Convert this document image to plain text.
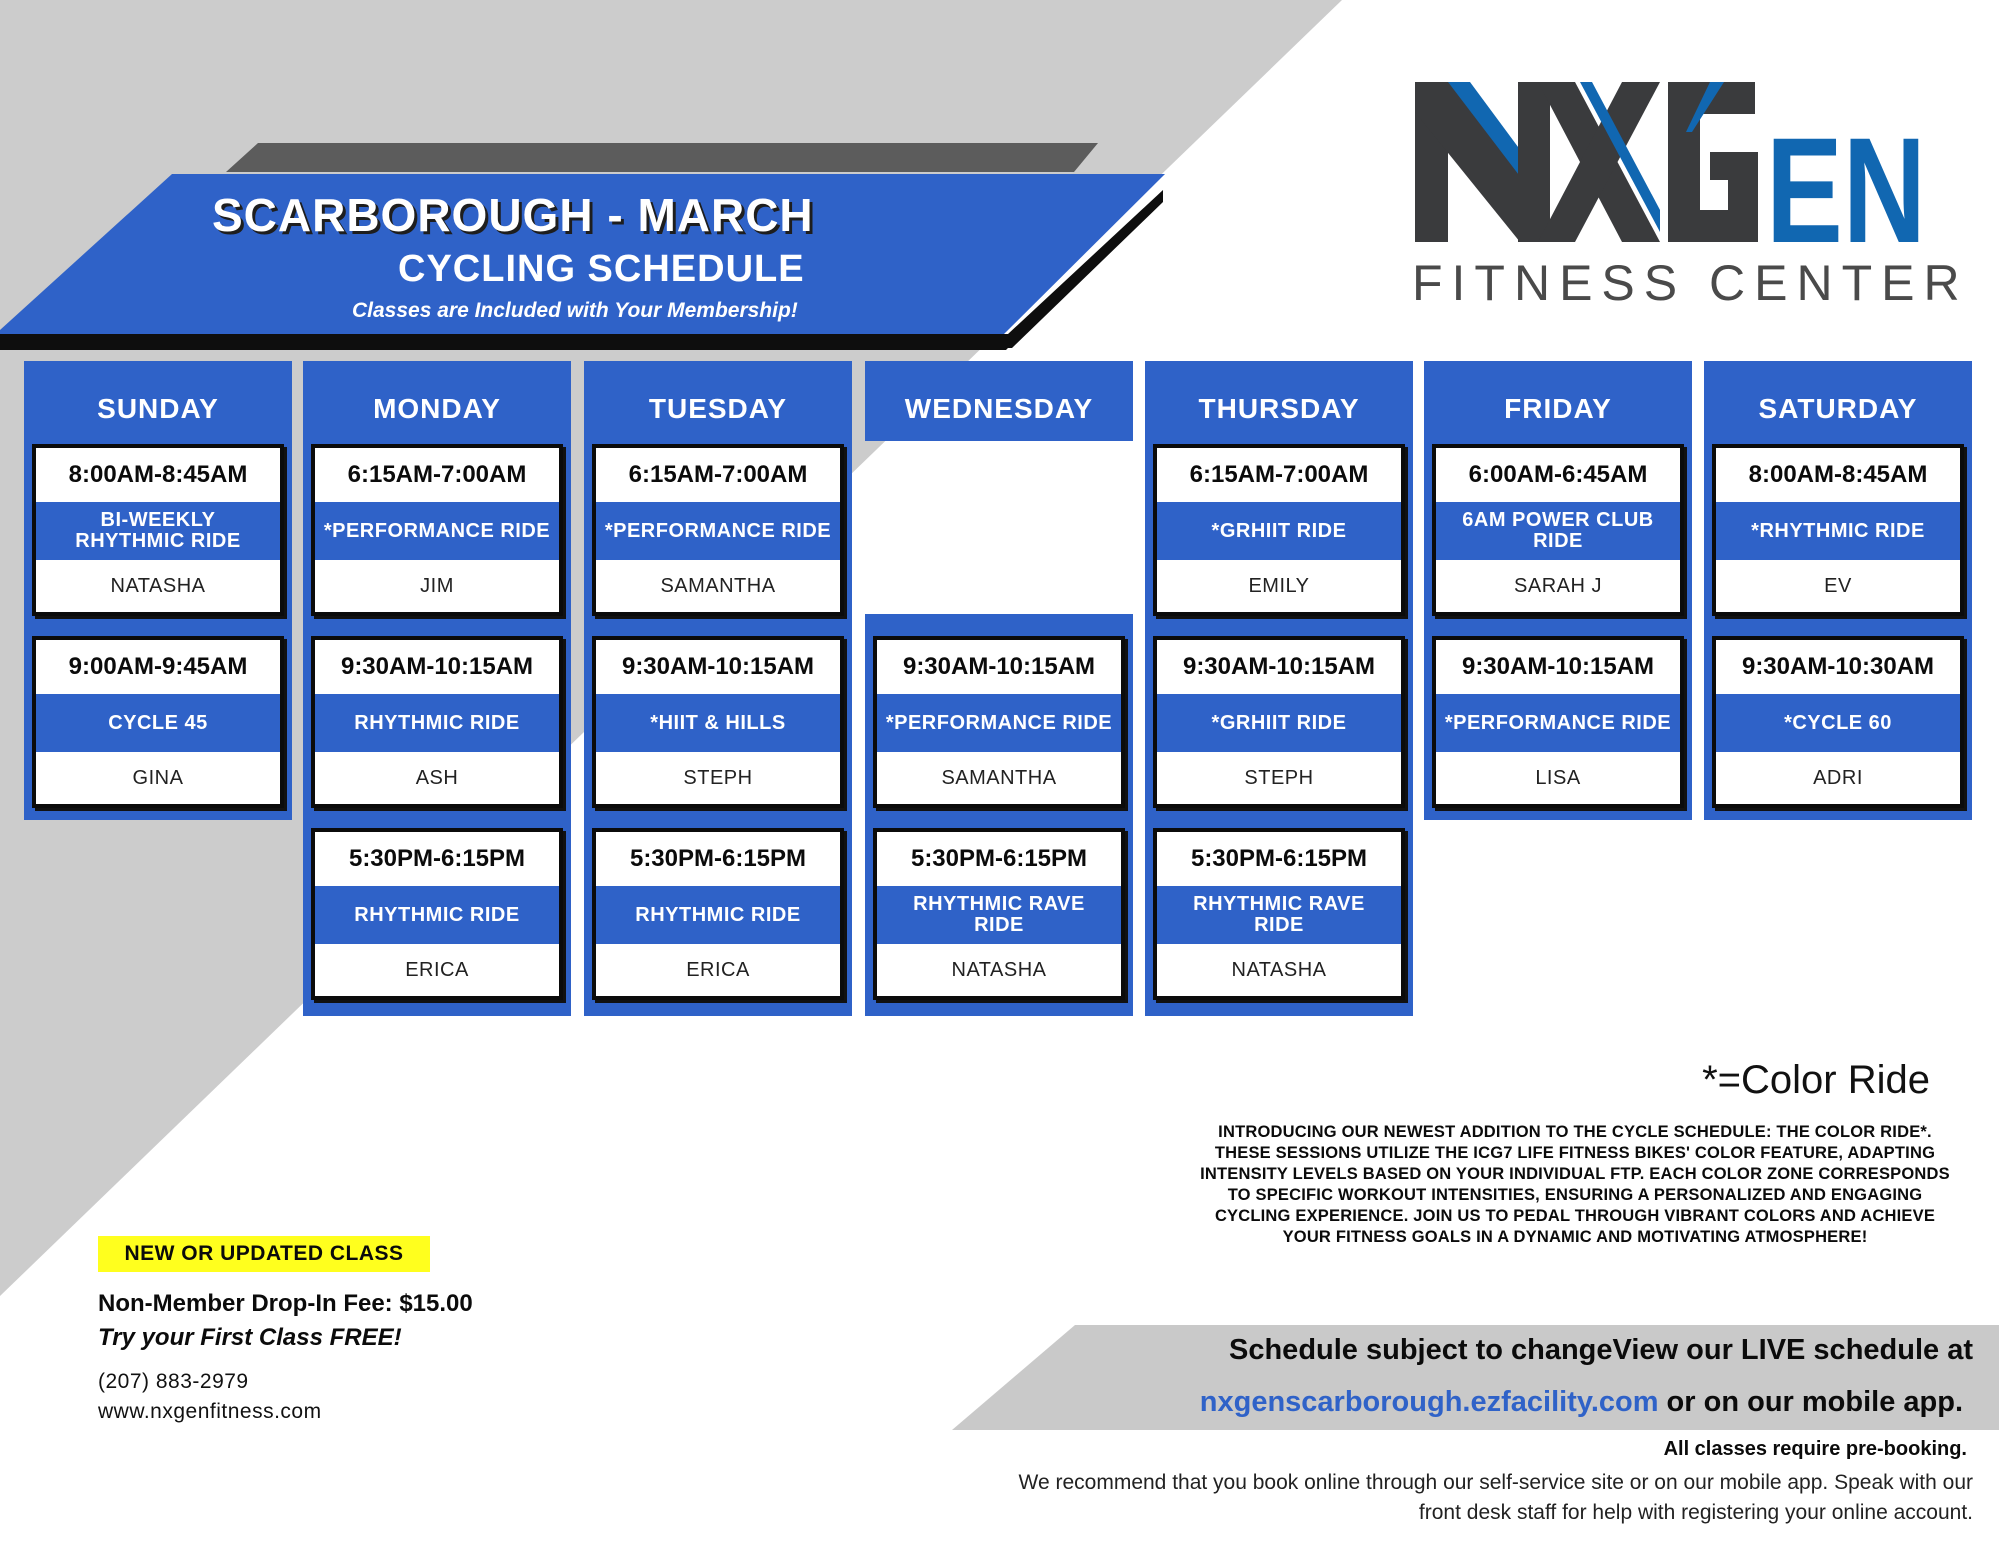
SCARBOROUGH - MARCH
CYCLING SCHEDULE
Classes are Included with Your Membership!
EN
FITNESS CENTER
SUNDAY
8:00AM-8:45AM
BI-WEEKLY
RHYTHMIC RIDE
NATASHA
9:00AM-9:45AM
CYCLE 45
GINA
MONDAY
6:15AM-7:00AM
*PERFORMANCE RIDE
JIM
9:30AM-10:15AM
RHYTHMIC RIDE
ASH
5:30PM-6:15PM
RHYTHMIC RIDE
ERICA
TUESDAY
6:15AM-7:00AM
*PERFORMANCE RIDE
SAMANTHA
9:30AM-10:15AM
*HIIT & HILLS
STEPH
5:30PM-6:15PM
RHYTHMIC RIDE
ERICA
WEDNESDAY
9:30AM-10:15AM
*PERFORMANCE RIDE
SAMANTHA
5:30PM-6:15PM
RHYTHMIC RAVE
RIDE
NATASHA
THURSDAY
6:15AM-7:00AM
*GRHIIT RIDE
EMILY
9:30AM-10:15AM
*GRHIIT RIDE
STEPH
5:30PM-6:15PM
RHYTHMIC RAVE
RIDE
NATASHA
FRIDAY
6:00AM-6:45AM
6AM POWER CLUB
RIDE
SARAH J
9:30AM-10:15AM
*PERFORMANCE RIDE
LISA
SATURDAY
8:00AM-8:45AM
*RHYTHMIC RIDE
EV
9:30AM-10:30AM
*CYCLE 60
ADRI
NEW OR UPDATED CLASS
Non-Member Drop-In Fee: $15.00
Try your First Class FREE!
(207) 883-2979
www.nxgenfitness.com
*=Color Ride
INTRODUCING OUR NEWEST ADDITION TO THE CYCLE SCHEDULE: THE COLOR RIDE*. THESE SESSIONS UTILIZE THE ICG7 LIFE FITNESS BIKES' COLOR FEATURE, ADAPTING INTENSITY LEVELS BASED ON YOUR INDIVIDUAL FTP. EACH COLOR ZONE CORRESPONDS TO SPECIFIC WORKOUT INTENSITIES, ENSURING A PERSONALIZED AND ENGAGING CYCLING EXPERIENCE. JOIN US TO PEDAL THROUGH VIBRANT COLORS AND ACHIEVE YOUR FITNESS GOALS IN A DYNAMIC AND MOTIVATING ATMOSPHERE!
Schedule subject to changeView our LIVE schedule at
nxgenscarborough.ezfacility.com or on our mobile app.
All classes require pre-booking.
We recommend that you book online through our self-service site or on our mobile app. Speak with our front desk staff for help with registering your online account.
